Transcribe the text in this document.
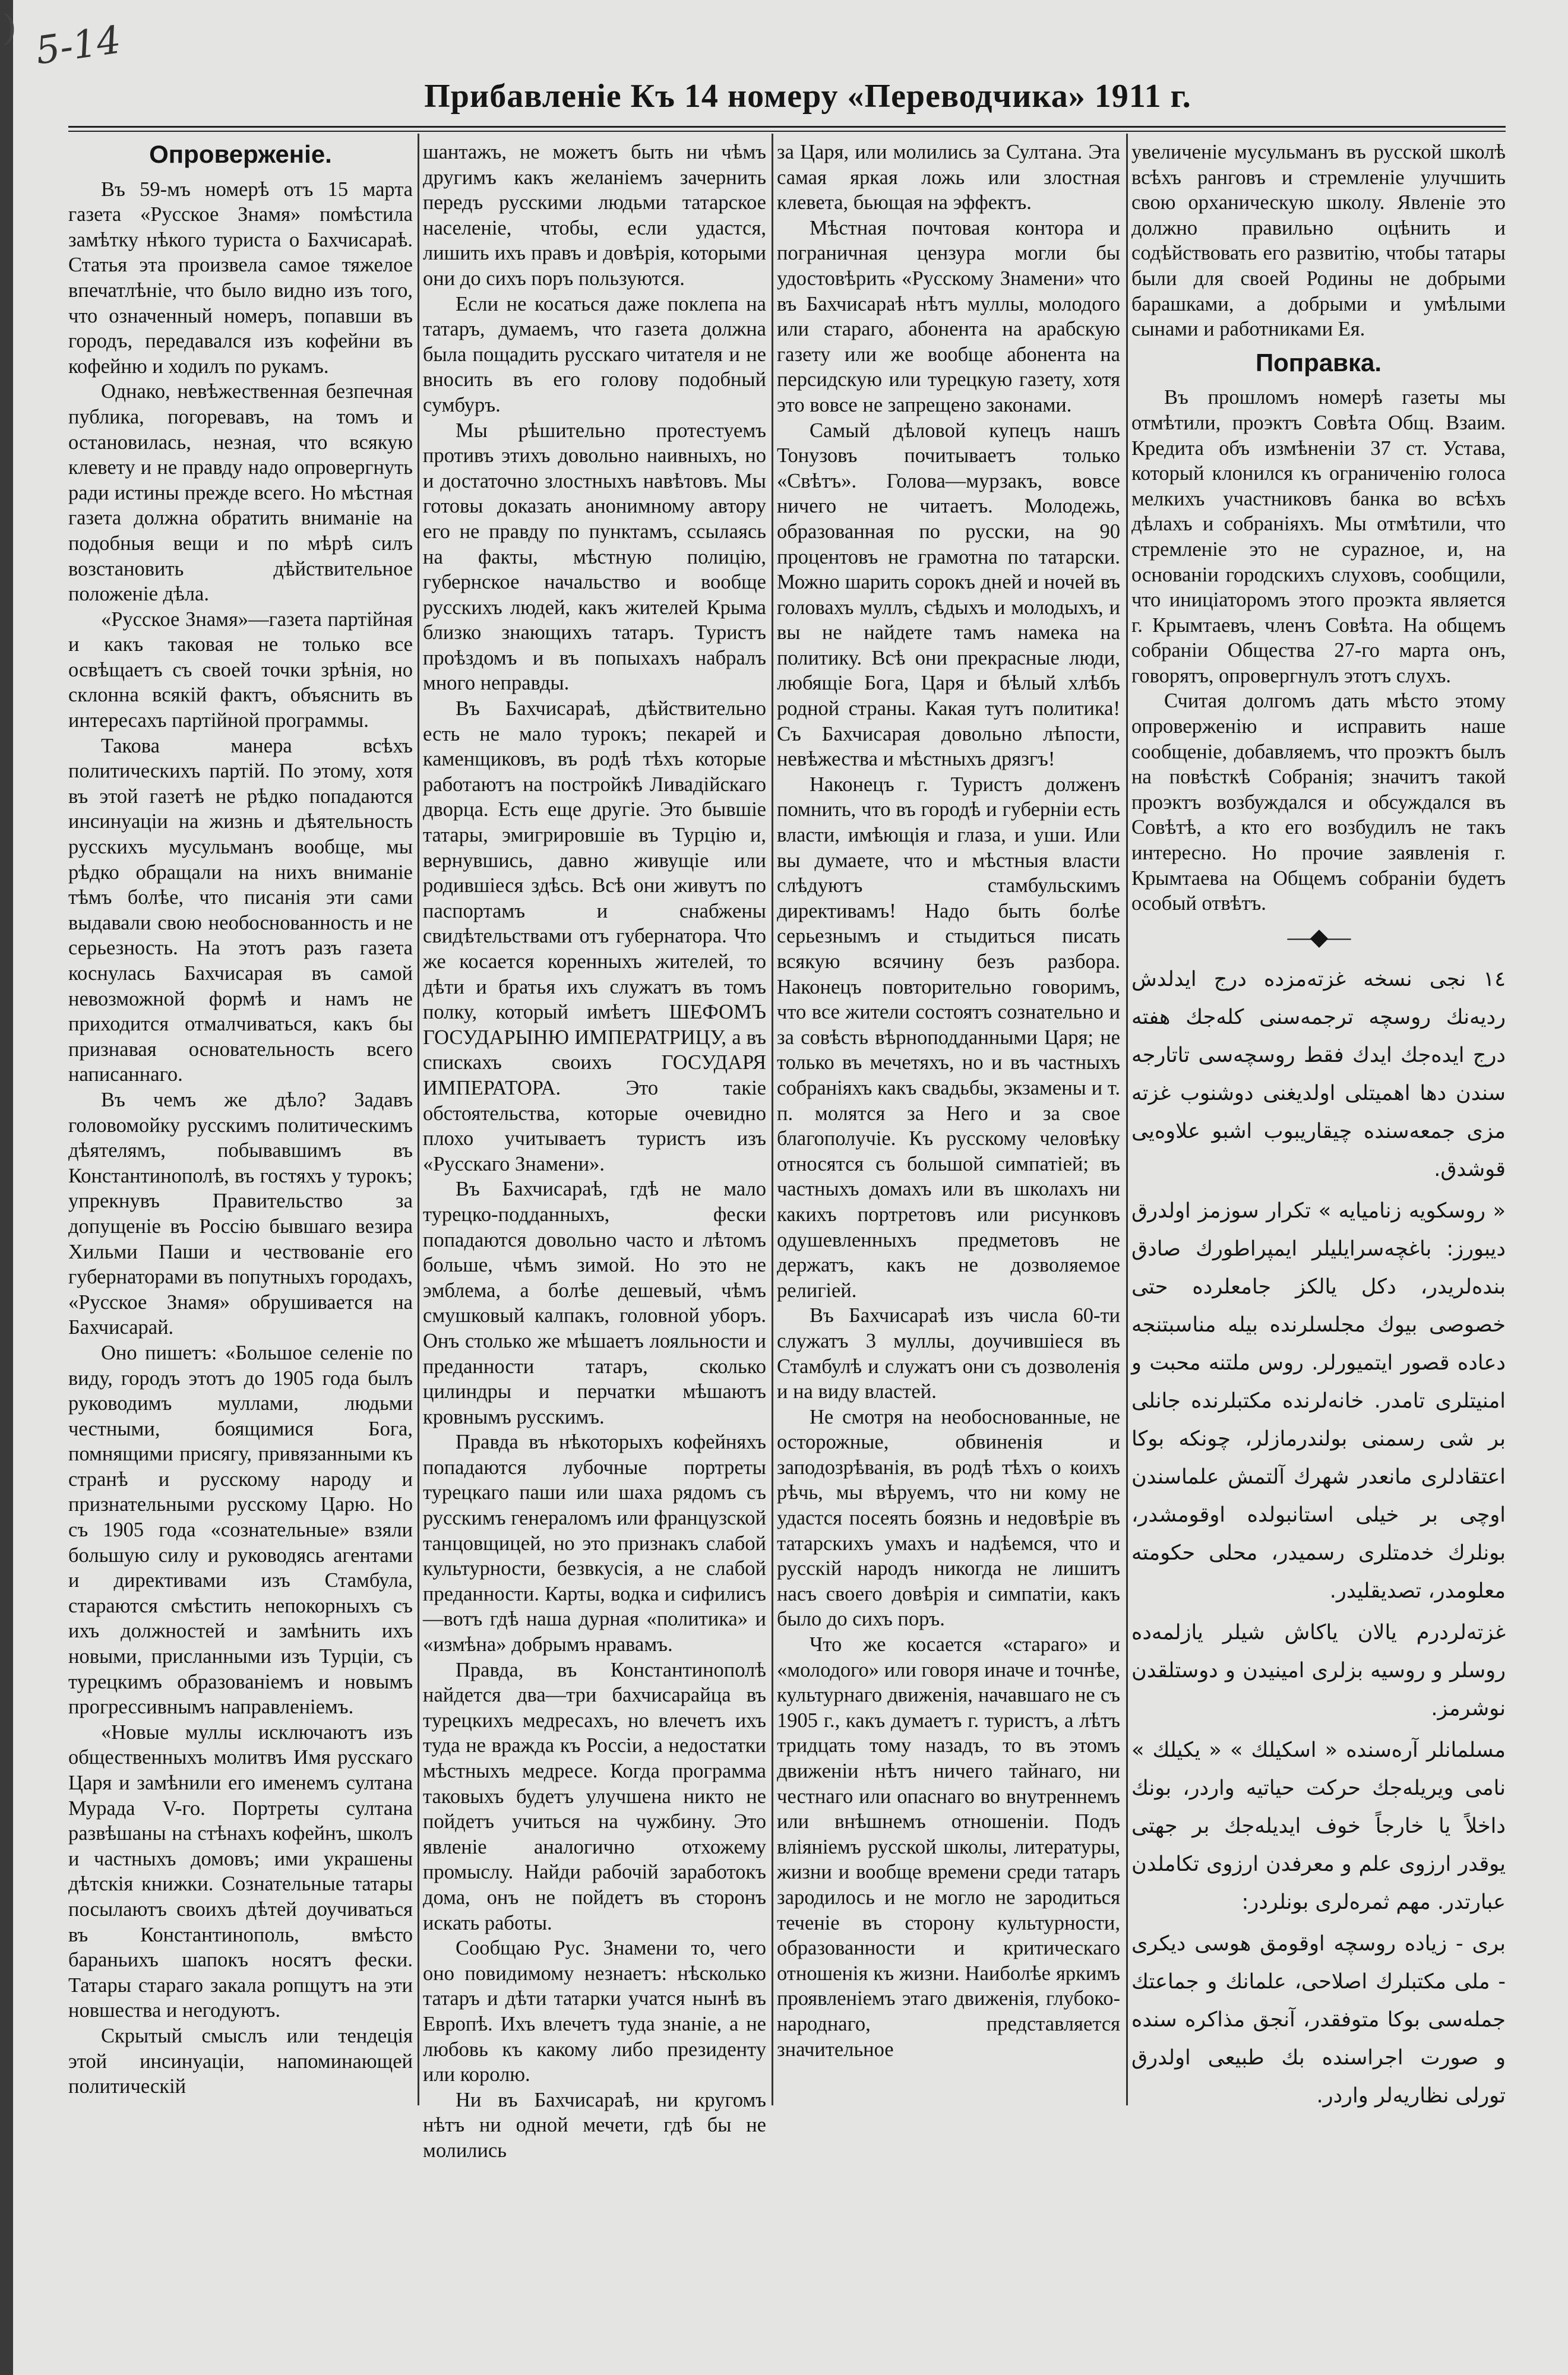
) 5-14
Прибавленіе Къ 14 номеру «Переводчика» 1911 г.
Опроверженіе.

Въ 59-мъ номерѣ отъ 15 марта газета «Русское Знамя» помѣстила замѣтку нѣкого туриста о Бахчисараѣ. Статья эта произвела самое тяжелое впечатлѣніе, что было видно изъ того, что означенный номеръ, попавши въ городъ, передавался изъ кофейни въ кофейню и ходилъ по рукамъ.

Однако, невѣжественная безпечная публика, погоревавъ, на томъ и остановилась, незная, что всякую клевету и не правду надо опровергнуть ради истины прежде всего. Но мѣстная газета должна обратить вниманіе на подобныя вещи и по мѣрѣ силъ возстановить дѣйствительное положеніе дѣла.

«Русское Знамя»—газета партійная и какъ таковая не только все освѣщаетъ съ своей точки зрѣнія, но склонна всякій фактъ, объяснить въ интересахъ партійной программы.

Такова манера всѣхъ политическихъ партій. По этому, хотя въ этой газетѣ не рѣдко попадаются инсинуаціи на жизнь и дѣятельность русскихъ мусульманъ вообще, мы рѣдко обращали на нихъ вниманіе тѣмъ болѣе, что писанія эти сами выдавали свою необоснованность и не серьезность. На этотъ разъ газета коснулась Бахчисарая въ самой невозможной формѣ и намъ не приходится отмалчиваться, какъ бы признавая основательность всего написаннаго.

Въ чемъ же дѣло? Задавъ головомойку русскимъ политическимъ дѣятелямъ, побывавшимъ въ Константинополѣ, въ гостяхъ у турокъ; упрекнувъ Правительство за допущеніе въ Россію бывшаго везира Хильми Паши и чествованіе его губернаторами въ попутныхъ городахъ, «Русское Знамя» обрушивается на Бахчисарай.

Оно пишетъ: «Большое селеніе по виду, городъ этотъ до 1905 года былъ руководимъ муллами, людьми честными, боящимися Бога, помнящими присягу, привязанными къ странѣ и русскому народу и признательными русскому Царю. Но съ 1905 года «сознательные» взяли большую силу и руководясь агентами и директивами изъ Стамбула, стараются смѣстить непокорныхъ съ ихъ должностей и замѣнить ихъ новыми, присланными изъ Турціи, съ турецкимъ образованіемъ и новымъ прогрессивнымъ направленіемъ.

«Новые муллы исключаютъ изъ общественныхъ молитвъ Имя русскаго Царя и замѣнили его именемъ султана Мурада V-го. Портреты султана развѣшаны на стѣнахъ кофейнъ, школъ и частныхъ домовъ; ими украшены дѣтскія книжки. Сознательные татары посылаютъ своихъ дѣтей доучиваться въ Константинополь, вмѣсто бараньихъ шапокъ носятъ фески. Татары стараго закала ропщутъ на эти новшества и негодуютъ.

Скрытый смыслъ или тендеція этой инсинуаціи, напоминающей политическій

шантажъ, не можетъ быть ни чѣмъ другимъ какъ желаніемъ зачернить передъ русскими людьми татарское населеніе, чтобы, если удастся, лишить ихъ правъ и довѣрія, которыми они до сихъ поръ пользуются.

Если не косаться даже поклепа на татаръ, думаемъ, что газета должна была пощадить русскаго читателя и не вносить въ его голову подобный сумбуръ.

Мы рѣшительно протестуемъ противъ этихъ довольно наивныхъ, но и достаточно злостныхъ навѣтовъ. Мы готовы доказать анонимному автору его не правду по пунктамъ, ссылаясь на факты, мѣстную полицію, губернское начальство и вообще русскихъ людей, какъ жителей Крыма близко знающихъ татаръ. Туристъ проѣздомъ и въ попыхахъ набралъ много неправды.

Въ Бахчисараѣ, дѣйствительно есть не мало турокъ; пекарей и каменщиковъ, въ родѣ тѣхъ которые работаютъ на постройкѣ Ливадійскаго дворца. Есть еще другіе. Это бывшіе татары, эмигрировшіе въ Турцію и, вернувшись, давно живущіе или родившіеся здѣсь. Всѣ они живутъ по паспортамъ и снабжены свидѣтельствами отъ губернатора. Что же косается коренныхъ жителей, то дѣти и братья ихъ служатъ въ томъ полку, который имѣетъ ШЕФОМЪ ГОСУДАРЫНЮ ИМПЕРАТРИЦУ, а въ спискахъ своихъ ГОСУДАРЯ ИМПЕРАТОРА. Это такіе обстоятельства, которые очевидно плохо учитываетъ туристъ изъ «Русскаго Знамени».

Въ Бахчисараѣ, гдѣ не мало турецко-подданныхъ, фески попадаются довольно часто и лѣтомъ больше, чѣмъ зимой. Но это не эмблема, а болѣе дешевый, чѣмъ смушковый калпакъ, головной уборъ. Онъ столько же мѣшаетъ лояльности и преданности татаръ, сколько цилиндры и перчатки мѣшаютъ кровнымъ русскимъ.

Правда въ нѣкоторыхъ кофейняхъ попадаются лубочные портреты турецкаго паши или шаха рядомъ съ русскимъ генераломъ или французской танцовщицей, но это признакъ слабой культурности, безвкусія, а не слабой преданности. Карты, водка и сифилисъ—вотъ гдѣ наша дурная «политика» и «измѣна» добрымъ нравамъ.

Правда, въ Константинополѣ найдется два—три бахчисарайца въ турецкихъ медресахъ, но влечетъ ихъ туда не вражда къ Россіи, а недостатки мѣстныхъ медресе. Когда программа таковыхъ будетъ улучшена никто не пойдетъ учиться на чужбину. Это явленіе аналогично отхожему промыслу. Найди рабочій заработокъ дома, онъ не пойдетъ въ сторонъ искать работы.

Сообщаю Рус. Знамени то, чего оно повидимому незнаетъ: нѣсколько татаръ и дѣти татарки учатся нынѣ въ Европѣ. Ихъ влечетъ туда знаніе, а не любовь къ какому либо президенту или королю.

Ни въ Бахчисараѣ, ни кругомъ нѣтъ ни одной мечети, гдѣ бы не молились

за Царя, или молились за Султана. Эта самая яркая ложь или злостная клевета, бьющая на эффектъ.

Мѣстная почтовая контора и пограничная цензура могли бы удостовѣрить «Русскому Знамени» что въ Бахчисараѣ нѣтъ муллы, молодого или стараго, абонента на арабскую газету или же вообще абонента на персидскую или турецкую газету, хотя это вовсе не запрещено законами.

Самый дѣловой купецъ нашъ Тонузовъ почитываетъ только «Свѣтъ». Голова—мурзакъ, вовсе ничего не читаетъ. Молодежь, образованная по русски, на 90 процентовъ не грамотна по татарски. Можно шарить сорокъ дней и ночей въ головахъ муллъ, сѣдыхъ и молодыхъ, и вы не найдете тамъ намека на политику. Всѣ они прекрасные люди, любящіе Бога, Царя и бѣлый хлѣбъ родной страны. Какая тутъ политика! Съ Бахчисарая довольно лѣпости, невѣжества и мѣстныхъ дрязгъ!

Наконецъ г. Туристъ долженъ помнить, что въ городѣ и губерніи есть власти, имѣющія и глаза, и уши. Или вы думаете, что и мѣстныя власти слѣдуютъ стамбульскимъ директивамъ! Надо быть болѣе серьезнымъ и стыдиться писать всякую всячину безъ разбора. Наконецъ повторительно говоримъ, что все жители состоятъ сознательно и за совѣсть вѣрноподданными Царя; не только въ мечетяхъ, но и въ частныхъ собраніяхъ какъ свадьбы, экзамены и т. п. молятся за Него и за свое благополучіе. Къ русскому человѣку относятся съ большой симпатіей; въ частныхъ домахъ или въ школахъ ни какихъ портретовъ или рисунковъ одушевленныхъ предметовъ не держатъ, какъ не дозволяемое религіей.

Въ Бахчисараѣ изъ числа 60-ти служатъ 3 муллы, доучившіеся въ Стамбулѣ и служатъ они съ дозволенія и на виду властей.

Не смотря на необоснованные, не осторожные, обвиненія и заподозрѣванія, въ родѣ тѣхъ о коихъ рѣчь, мы вѣруемъ, что ни кому не удастся посеять боязнь и недовѣріе въ татарскихъ умахъ и надѣемся, что и русскій народъ никогда не лишитъ насъ своего довѣрія и симпатіи, какъ было до сихъ поръ.

Что же косается «стараго» и «молодого» или говоря иначе и точнѣе, культурнаго движенія, начавшаго не съ 1905 г., какъ думаетъ г. туристъ, а лѣтъ тридцать тому назадъ, то въ этомъ движеніи нѣтъ ничего тайнаго, ни честнаго или опаснаго во внутреннемъ или внѣшнемъ отношеніи. Подъ вліяніемъ русской школы, литературы, жизни и вообще времени среди татаръ зародилось и не могло не зародиться теченіе въ сторону культурности, образованности и критическаго отношенія къ жизни. Наиболѣе яркимъ проявленіемъ этаго движенія, глубоко-народнаго, представляется значительное

увеличеніе мусульманъ въ русской школѣ всѣхъ ранговъ и стремленіе улучшить свою орханическую школу. Явленіе это должно правильно оцѣнить и содѣйствовать его развитію, чтобы татары были для своей Родины не добрыми барашками, а добрыми и умѣлыми сынами и работниками Ея.

Поправка.

Въ прошломъ номерѣ газеты мы отмѣтили, проэктъ Совѣта Общ. Взаим. Кредита объ измѣненіи 37 ст. Устава, который клонился къ ограниченію голоса мелкихъ участниковъ банка во всѣхъ дѣлахъ и собраніяхъ. Мы отмѣтили, что стремленіе это не сурazное, и, на основаніи городскихъ слуховъ, сообщили, что иниціаторомъ этого проэкта является г. Крымтаевъ, членъ Совѣта. На общемъ собраніи Общества 27-го марта онъ, говорятъ, опровергнулъ этотъ слухъ.

Считая долгомъ дать мѣсто этому опроверженію и исправить наше сообщеніе, добавляемъ, что проэктъ былъ на повѣсткѣ Собранія; значитъ такой проэктъ возбуждался и обсуждался въ Совѣтѣ, а кто его возбудилъ не такъ интересно. Но прочие заявленія г. Крымтаева на Общемъ собраніи будетъ особый отвѣтъ.

—◆—

١٤ نجی نسخه غزته‌مزده درج ایدلدش ردیه‌نك روسچه ترجمه‌سنی کله‌جك هفته درج ایده‌جك ایدك فقط روسچه‌سی تاتارجه سندن دها اهمیتلی اولدیغنی دوشنوب غزته مزی جمعه‌سنده چیقاریبوب اشبو علاوه‌یی قوشدق.

« روسکویه زنامیایه » تکرار سوزمز اولدرق دیبورز: باغچه‌سرایلیلر ایمپراطورك صادق بنده‌لریدر، دکل یالکز جامعلرده حتی خصوصی بیوك مجلسلرنده بیله مناسبتنجه دعاده قصور ایتمیورلر. روس ملتنه محبت و امنیتلری تامدر. خانه‌لرنده مکتبلرنده جانلی بر شی رسمنی بولندرمازلر، چونکه بوکا اعتقادلری مانعدر شهرك آلتمش علماسندن اوچی بر خیلی استانبولده اوقومشدر، بونلرك خدمتلری رسمیدر، محلی حکومته معلومدر، تصدیقلیدر.

غزته‌لردرم یالان یاکاش شیلر یازلمه‌ده روسلر و روسیه بزلری امینیدن و دوستلقدن نوشرمز.

مسلمانلر آره‌سنده « اسکیلك » « یکیلك » نامی ویریله‌جك حرکت حیاتیه واردر، بونك داخلاً یا خارجاً خوف ایدیله‌جك بر جهتی یوقدر ارزوی علم و معرفدن ارزوی تکاملدن عبارتدر. مهم ثمره‌لری بونلردر:

برى - زیاده روسچه اوقومق هوسی دیکری - ملی مکتبلرك اصلاحی، علمانك و جماعتك جمله‌سی بوكا متوفقدر، آنجق مذاکره سنده و صورت اجراسنده بك طبیعی اولدرق تورلی نظاریه‌لر واردر.
